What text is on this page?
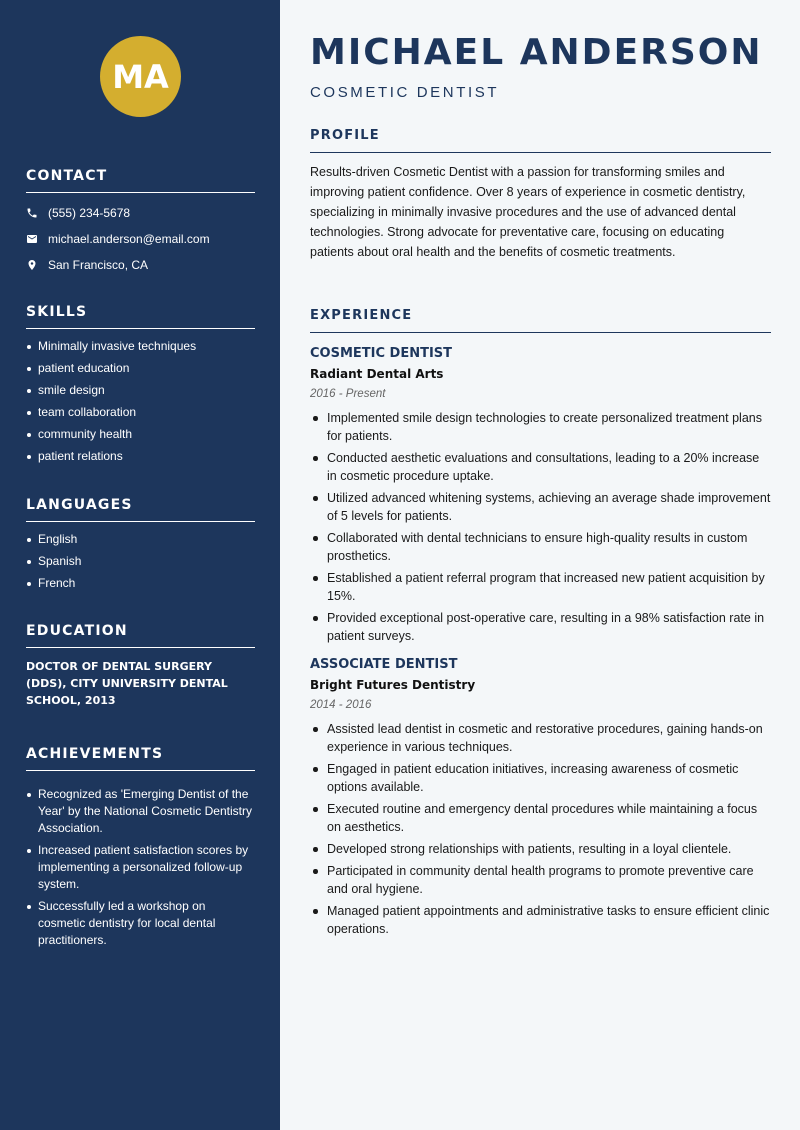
MA
CONTACT
(555) 234-5678
michael.anderson@email.com
San Francisco, CA
SKILLS
Minimally invasive techniques
patient education
smile design
team collaboration
community health
patient relations
LANGUAGES
English
Spanish
French
EDUCATION
DOCTOR OF DENTAL SURGERY (DDS), CITY UNIVERSITY DENTAL SCHOOL, 2013
ACHIEVEMENTS
Recognized as 'Emerging Dentist of the Year' by the National Cosmetic Dentistry Association.
Increased patient satisfaction scores by implementing a personalized follow-up system.
Successfully led a workshop on cosmetic dentistry for local dental practitioners.
MICHAEL ANDERSON
COSMETIC DENTIST
PROFILE

Results-driven Cosmetic Dentist with a passion for transforming smiles and improving patient confidence. Over 8 years of experience in cosmetic dentistry, specializing in minimally invasive procedures and the use of advanced dental technologies. Strong advocate for preventative care, focusing on educating patients about oral health and the benefits of cosmetic treatments.

EXPERIENCE
COSMETIC DENTIST
Radiant Dental Arts
2016 - Present
Implemented smile design technologies to create personalized treatment plans for patients.
Conducted aesthetic evaluations and consultations, leading to a 20% increase in cosmetic procedure uptake.
Utilized advanced whitening systems, achieving an average shade improvement of 5 levels for patients.
Collaborated with dental technicians to ensure high-quality results in custom prosthetics.
Established a patient referral program that increased new patient acquisition by 15%.
Provided exceptional post-operative care, resulting in a 98% satisfaction rate in patient surveys.
ASSOCIATE DENTIST
Bright Futures Dentistry
2014 - 2016
Assisted lead dentist in cosmetic and restorative procedures, gaining hands-on experience in various techniques.
Engaged in patient education initiatives, increasing awareness of cosmetic options available.
Executed routine and emergency dental procedures while maintaining a focus on aesthetics.
Developed strong relationships with patients, resulting in a loyal clientele.
Participated in community dental health programs to promote preventive care and oral hygiene.
Managed patient appointments and administrative tasks to ensure efficient clinic operations.
